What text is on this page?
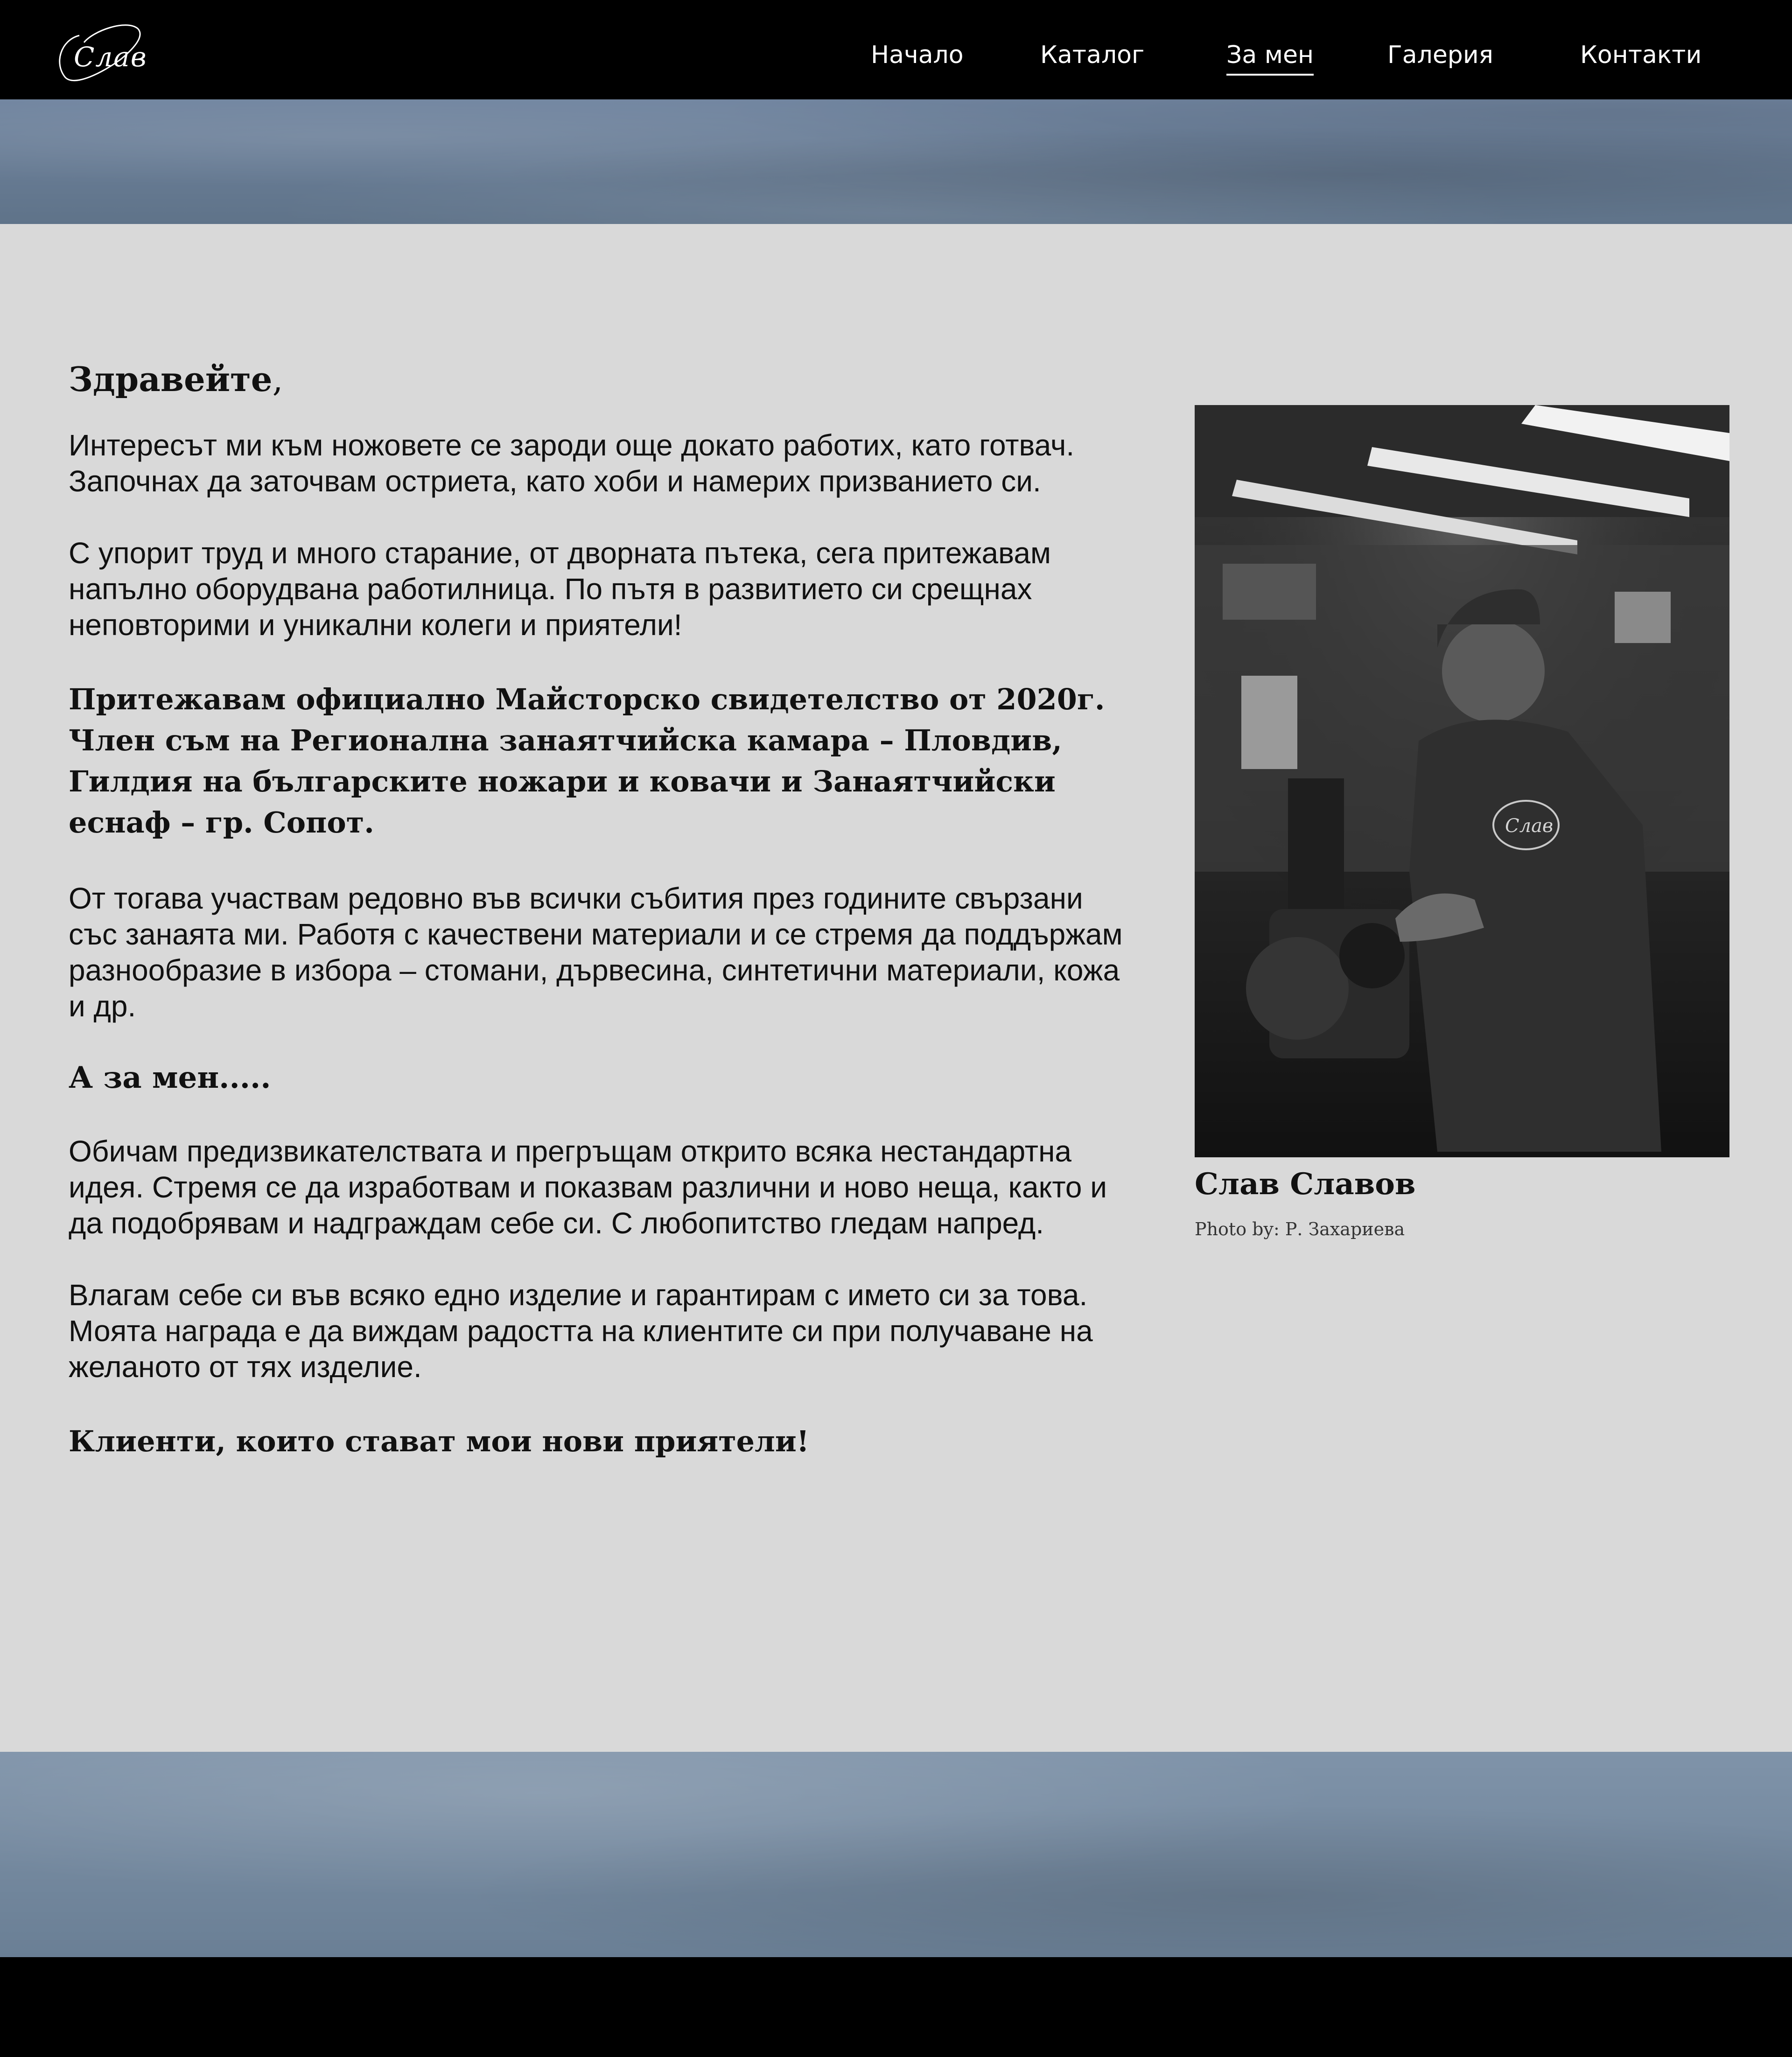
Слав	Начало	Каталог	За мен	Галерия	Контакти
Здравейте,

Интересът ми към ножовете се зароди още докато работих, като готвач. Започнах да заточвам остриета, като хоби и намерих призванието си.

С упорит труд и много старание, от дворната пътека, сега притежавам напълно оборудвана работилница. По пътя в развитието си срещнах неповторими и уникални колеги и приятели!

Притежавам официално Майсторско свидетелство от 2020г. Член съм на Регионална занаятчийска камара – Пловдив, Гилдия на българските ножари и ковачи и Занаятчийски еснаф – гр. Сопот.

От тогава участвам редовно във всички събития през годините свързани със занаята ми. Работя с качествени материали и се стремя да поддържам разнообразие в избора – стомани, дървесина, синтетични материали, кожа и др.

А за мен.....

Обичам предизвикателствата и прегръщам открито всяка нестандартна идея. Стремя се да изработвам и показвам различни и ново неща, както и да подобрявам и надграждам себе си. С любопитство гледам напред.

Влагам себе си във всяко едно изделие и гарантирам с името си за това. Моята награда е да виждам радостта на клиентите си при получаване на желаното от тях изделие.

Клиенти, които стават мои нови приятели!

Слав
Слав Славов
Photo by: Р. Захариева
